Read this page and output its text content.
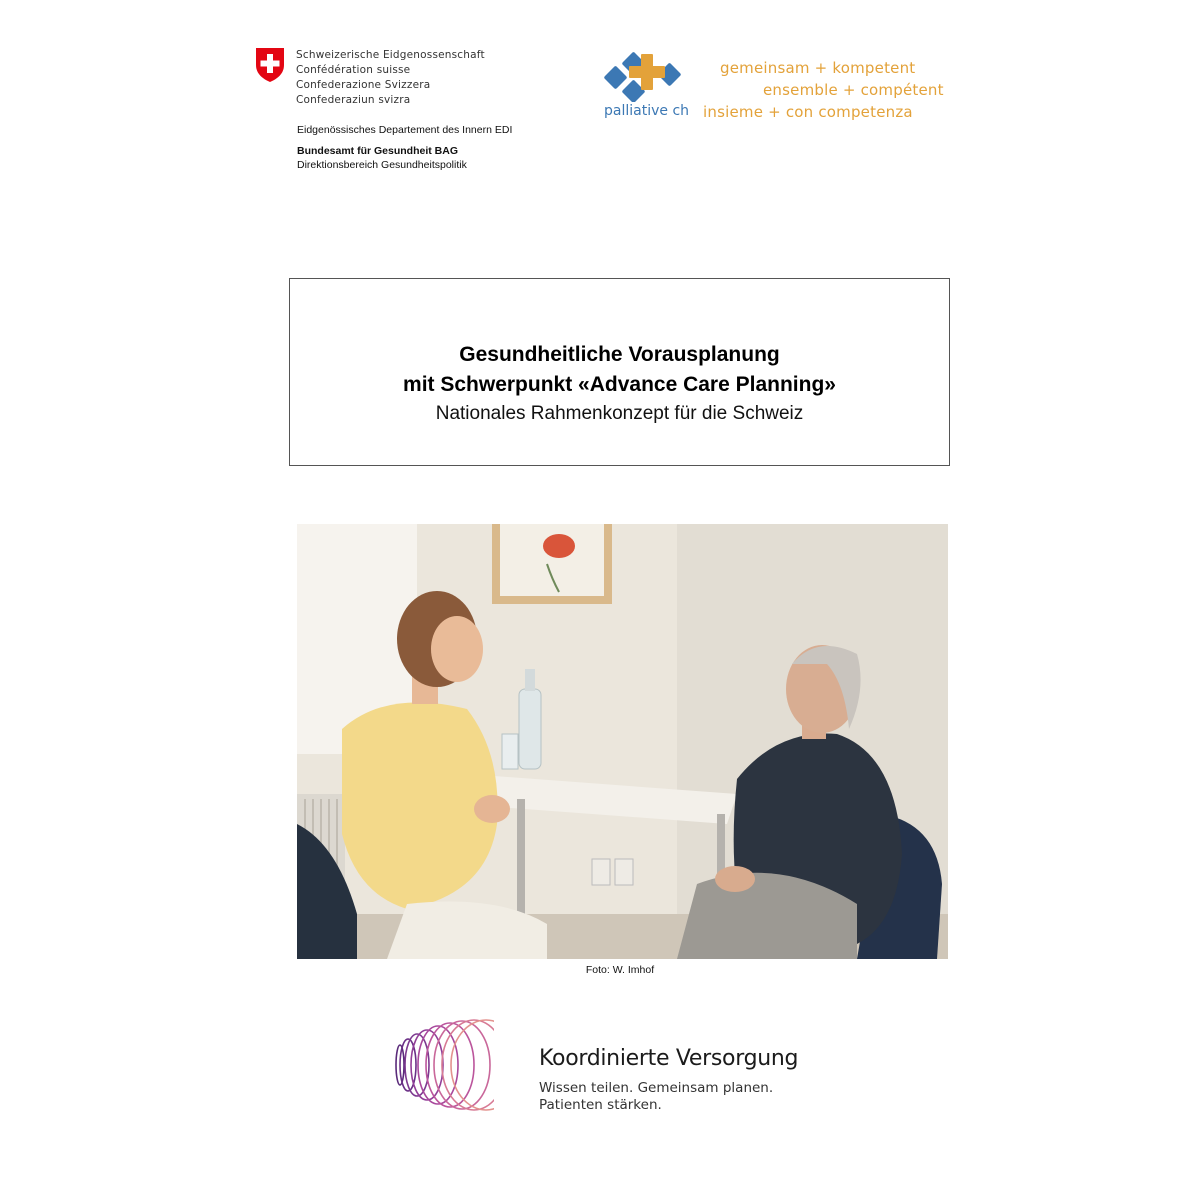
Schweizerische Eidgenossenschaft
Confédération suisse
Confederazione Svizzera
Confederaziun svizra
Eidgenössisches Departement des Innern EDI
Bundesamt für Gesundheit BAG
Direktionsbereich Gesundheitspolitik
palliative ch
gemeinsam + kompetent
ensemble + compétent
insieme + con competenza
Gesundheitliche Vorausplanung
mit Schwerpunkt «Advance Care Planning»
Nationales Rahmenkonzept für die Schweiz
Foto: W. Imhof
Koordinierte Versorgung
Wissen teilen. Gemeinsam planen.
Patienten stärken.
